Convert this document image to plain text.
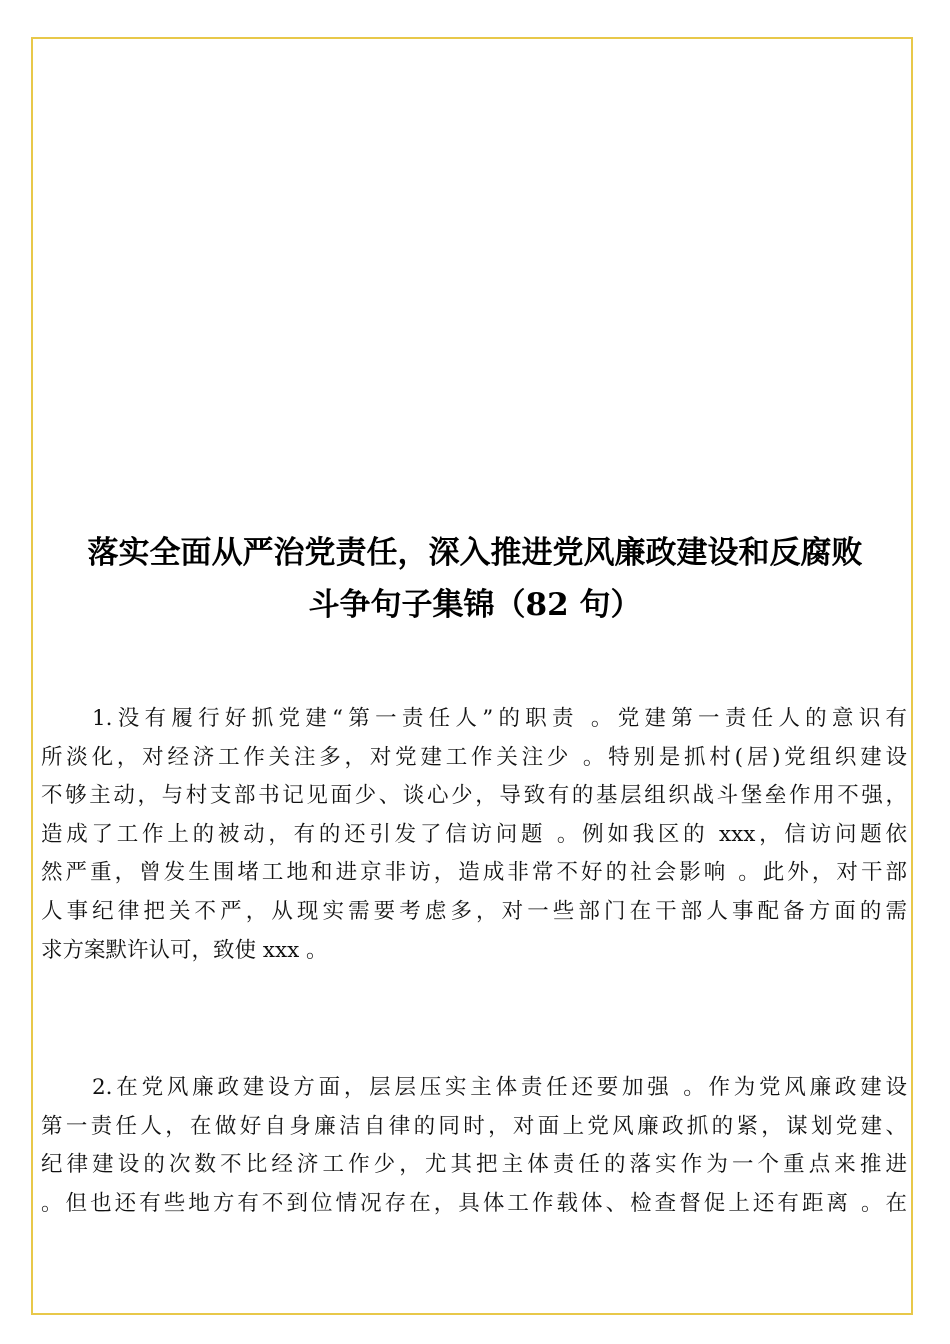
落实全面从严治党责任，深入推进党风廉政建设和反腐败
斗争句子集锦（82 句）
1.没有履行好抓党建“第一责任人”的职责 。党建第一责任人的意识有
所淡化，对经济工作关注多，对党建工作关注少 。特别是抓村(居)党组织建设
不够主动，与村支部书记见面少、谈心少，导致有的基层组织战斗堡垒作用不强，
造成了工作上的被动，有的还引发了信访问题 。例如我区的 xxx，信访问题依
然严重，曾发生围堵工地和进京非访，造成非常不好的社会影响 。此外，对干部
人事纪律把关不严，从现实需要考虑多，对一些部门在干部人事配备方面的需
求方案默许认可，致使 xxx 。
2.在党风廉政建设方面，层层压实主体责任还要加强 。作为党风廉政建设
第一责任人，在做好自身廉洁自律的同时，对面上党风廉政抓的紧，谋划党建、
纪律建设的次数不比经济工作少，尤其把主体责任的落实作为一个重点来推进
。但也还有些地方有不到位情况存在，具体工作载体、检查督促上还有距离 。在
